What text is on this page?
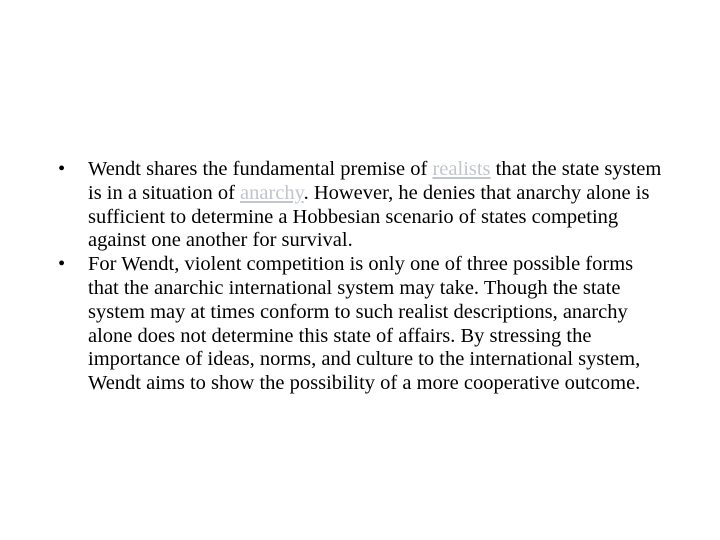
•	Wendt shares the fundamental premise of realists that the state system is in a situation of anarchy. However, he denies that anarchy alone is sufficient to determine a Hobbesian scenario of states competing against one another for survival.
•	For Wendt, violent competition is only one of three possible forms that the anarchic international system may take. Though the state system may at times conform to such realist descriptions, anarchy alone does not determine this state of affairs. By stressing the importance of ideas, norms, and culture to the international system, Wendt aims to show the possibility of a more cooperative outcome.
